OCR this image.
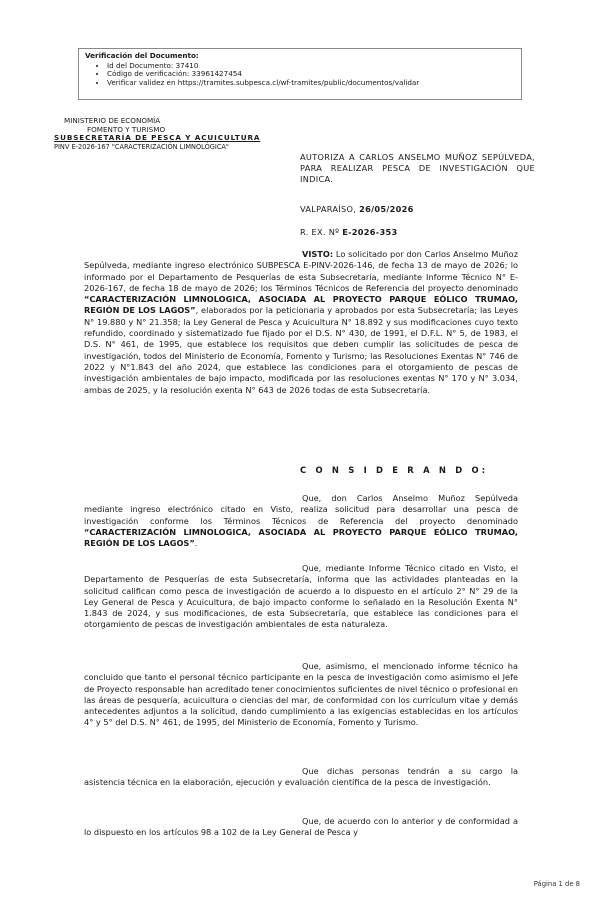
Verificación del Documento:
• Id del Documento: 37410
• Código de verificación: 33961427454
• Verificar validez en https://tramites.subpesca.cl/wf-tramites/public/documentos/validar
MINISTERIO DE ECONOMÍA
FOMENTO Y TURISMO
SUBSECRETARÍA DE PESCA Y ACUICULTURA
PINV E-2026-167 "CARACTERIZACIÓN LIMNOLÓGICA"
AUTORIZA A CARLOS ANSELMO MUÑOZ SEPÚLVEDA, PARA REALIZAR PESCA DE INVESTIGACIÓN QUE INDICA.
VALPARAÍSO, 26/05/2026
R. EX. Nº E-2026-353
VISTO: Lo solicitado por don Carlos Anselmo Muñoz Sepúlveda, mediante ingreso electrónico SUBPESCA E-PINV-2026-146, de fecha 13 de mayo de 2026; lo informado por el Departamento de Pesquerías de esta Subsecretaría, mediante Informe Técnico N° E-2026-167, de fecha 18 de mayo de 2026; los Términos Técnicos de Referencia del proyecto denominado “CARACTERIZACIÓN LIMNOLOGICA, ASOCIADA AL PROYECTO PARQUE EÓLICO TRUMAO, REGIÓN DE LOS LAGOS”, elaborados por la peticionaria y aprobados por esta Subsecretaría; las Leyes N° 19.880 y N° 21.358; la Ley General de Pesca y Acuicultura N° 18.892 y sus modificaciones cuyo texto refundido, coordinado y sistematizado fue fijado por el D.S. N° 430, de 1991, el D.F.L. N° 5, de 1983, el D.S. N° 461, de 1995, que establece los requisitos que deben cumplir las solicitudes de pesca de investigación, todos del Ministerio de Economía, Fomento y Turismo; las Resoluciones Exentas N° 746 de 2022 y N°1.843 del año 2024, que establece las condiciones para el otorgamiento de pescas de investigación ambientales de bajo impacto, modificada por las resoluciones exentas N° 170 y N° 3.034, ambas de 2025, y la resolución exenta N° 643 de 2026 todas de esta Subsecretaría.
C O N S I D E R A N D O:
Que, don Carlos Anselmo Muñoz Sepúlveda mediante ingreso electrónico citado en Visto, realiza solicitud para desarrollar una pesca de investigación conforme los Términos Técnicos de Referencia del proyecto denominado “CARACTERIZACIÓN LIMNOLOGICA, ASOCIADA AL PROYECTO PARQUE EÓLICO TRUMAO, REGIÓN DE LOS LAGOS”.
Que, mediante Informe Técnico citado en Visto, el Departamento de Pesquerías de esta Subsecretaría, informa que las actividades planteadas en la solicitud califican como pesca de investigación de acuerdo a lo dispuesto en el artículo 2° N° 29 de la Ley General de Pesca y Acuicultura, de bajo impacto conforme lo señalado en la Resolución Exenta N° 1.843 de 2024, y sus modificaciones, de esta Subsecretaría, que establece las condiciones para el otorgamiento de pescas de investigación ambientales de esta naturaleza.
Que, asimismo, el mencionado informe técnico ha concluido que tanto el personal técnico participante en la pesca de investigación como asimismo el Jefe de Proyecto responsable han acreditado tener conocimientos suficientes de nivel técnico o profesional en las áreas de pesquería, acuicultura o ciencias del mar, de conformidad con los currículum vitae y demás antecedentes adjuntos a la solicitud, dando cumplimiento a las exigencias establecidas en los artículos 4° y 5° del D.S. N° 461, de 1995, del Ministerio de Economía, Fomento y Turismo.
Que dichas personas tendrán a su cargo la asistencia técnica en la elaboración, ejecución y evaluación científica de la pesca de investigación.
Que, de acuerdo con lo anterior y de conformidad a lo dispuesto en los artículos 98 a 102 de la Ley General de Pesca y
Página 1 de 8
